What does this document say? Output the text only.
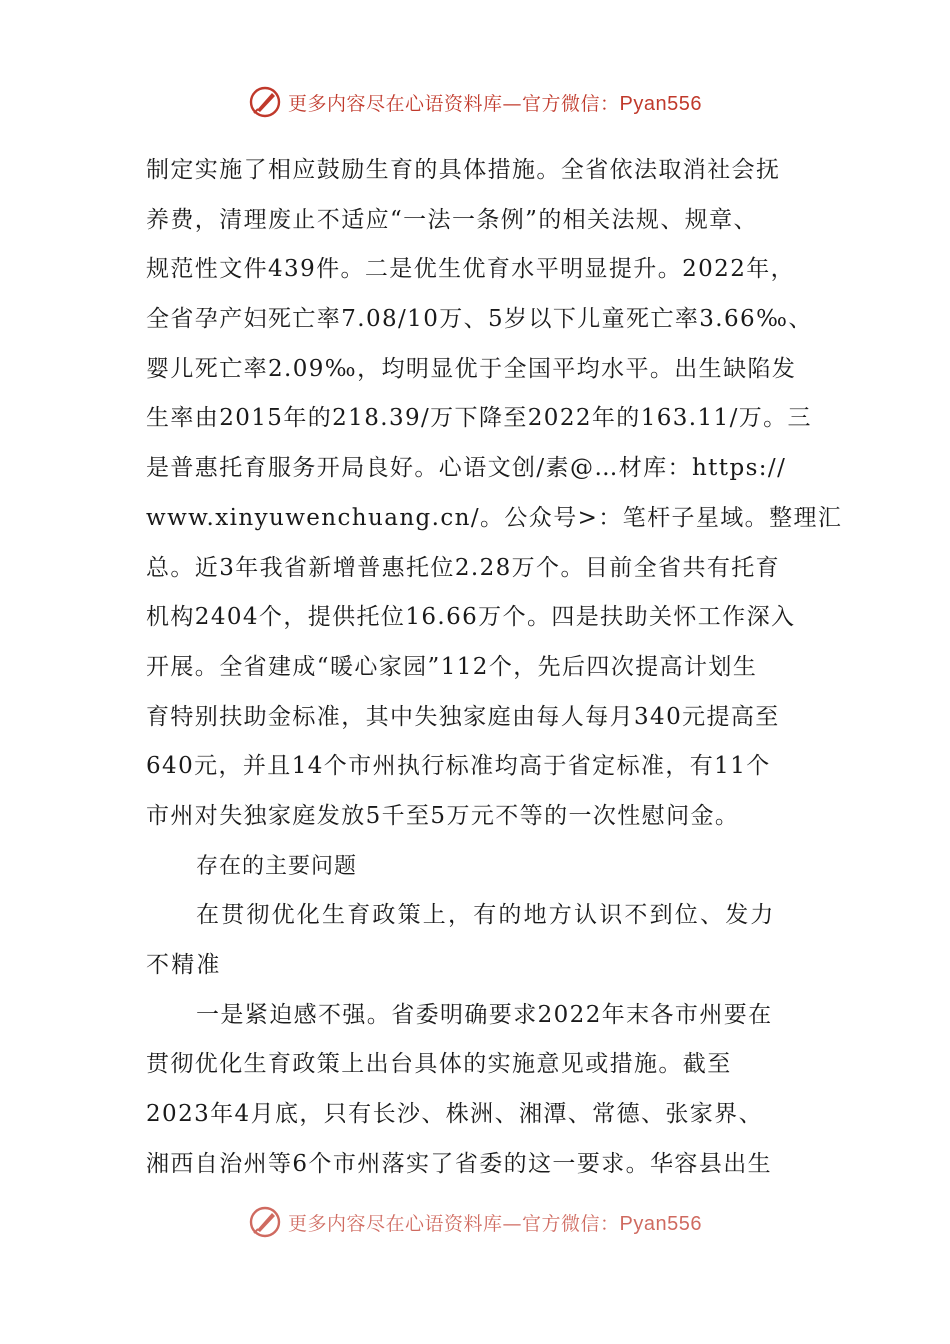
更多内容尽在心语资料库—官方微信：Pyan556
制定实施了相应鼓励生育的具体措施。全省依法取消社会抚
养费，清理废止不适应“一法一条例”的相关法规、规章、
规范性文件439件。二是优生优育水平明显提升。2022年，
全省孕产妇死亡率7.08/10万、5岁以下儿童死亡率3.66‰、
婴儿死亡率2.09‰，均明显优于全国平均水平。出生缺陷发
生率由2015年的218.39/万下降至2022年的163.11/万。三
是普惠托育服务开局良好。心语文创/素@…材库：https://
www.xinyuwenchuang.cn/。公众号>：笔杆子星域。整理汇
总。近3年我省新增普惠托位2.28万个。目前全省共有托育
机构2404个，提供托位16.66万个。四是扶助关怀工作深入
开展。全省建成“暖心家园”112个，先后四次提高计划生
育特别扶助金标准，其中失独家庭由每人每月340元提高至
640元，并且14个市州执行标准均高于省定标准，有11个
市州对失独家庭发放5千至5万元不等的一次性慰问金。
存在的主要问题
在贯彻优化生育政策上，有的地方认识不到位、发力
不精准
一是紧迫感不强。省委明确要求2022年末各市州要在
贯彻优化生育政策上出台具体的实施意见或措施。截至
2023年4月底，只有长沙、株洲、湘潭、常德、张家界、
湘西自治州等6个市州落实了省委的这一要求。华容县出生
更多内容尽在心语资料库—官方微信：Pyan556
